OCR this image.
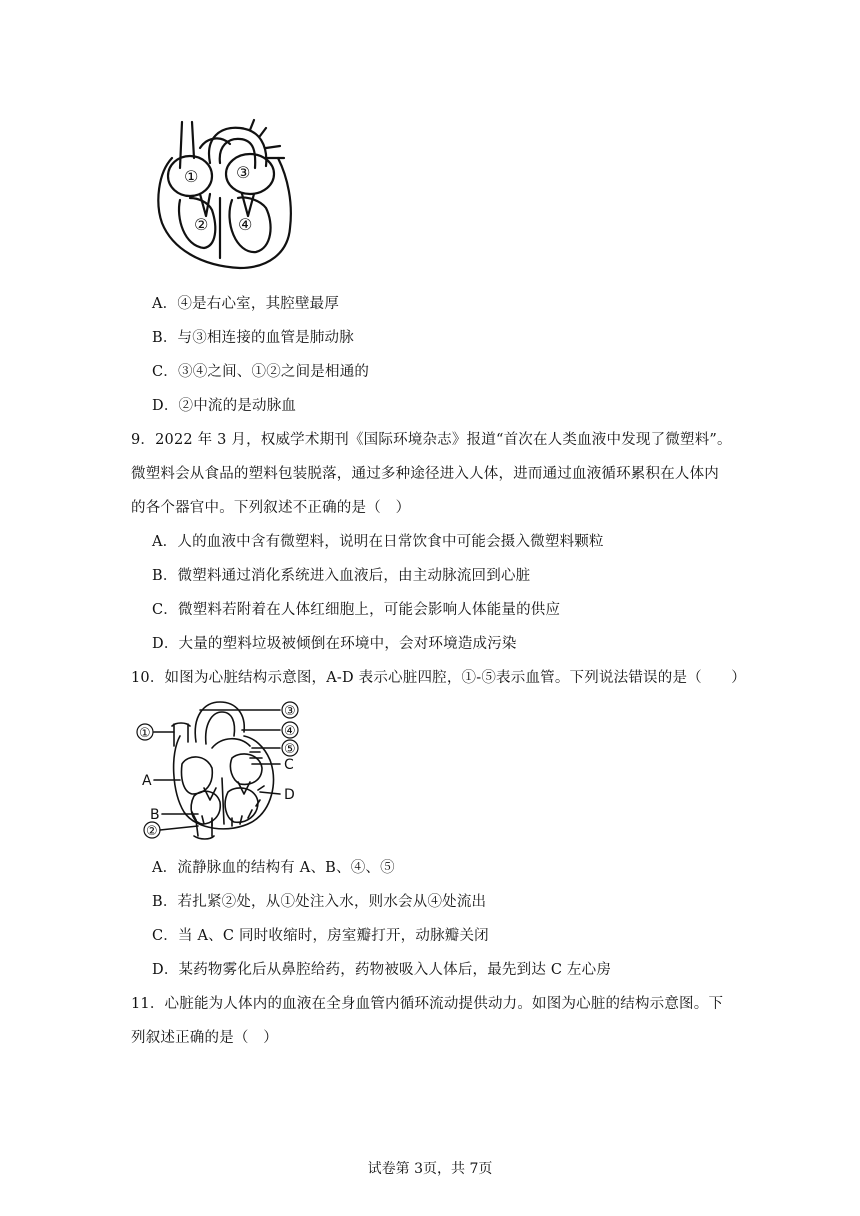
① ③
② ④
A．④是右心室，其腔壁最厚
B．与③相连接的血管是肺动脉
C．③④之间、①②之间是相通的
D．②中流的是动脉血
9．2022 年 3 月，权威学术期刊《国际环境杂志》报道“首次在人类血液中发现了微塑料”。
微塑料会从食品的塑料包装脱落，通过多种途径进入人体，进而通过血液循环累积在人体内
的各个器官中。下列叙述不正确的是（　）
A．人的血液中含有微塑料，说明在日常饮食中可能会摄入微塑料颗粒
B．微塑料通过消化系统进入血液后，由主动脉流回到心脏
C．微塑料若附着在人体红细胞上，可能会影响人体能量的供应
D．大量的塑料垃圾被倾倒在环境中，会对环境造成污染
10．如图为心脏结构示意图，A-D 表示心脏四腔，①-⑤表示血管。下列说法错误的是（　　）
①
③
④
⑤
②
A
B
C
D
A．流静脉血的结构有 A、B、④、⑤
B．若扎紧②处，从①处注入水，则水会从④处流出
C．当 A、C 同时收缩时，房室瓣打开，动脉瓣关闭
D．某药物雾化后从鼻腔给药，药物被吸入人体后，最先到达 C 左心房
11．心脏能为人体内的血液在全身血管内循环流动提供动力。如图为心脏的结构示意图。下
列叙述正确的是（　）
试卷第 3页，共 7页
